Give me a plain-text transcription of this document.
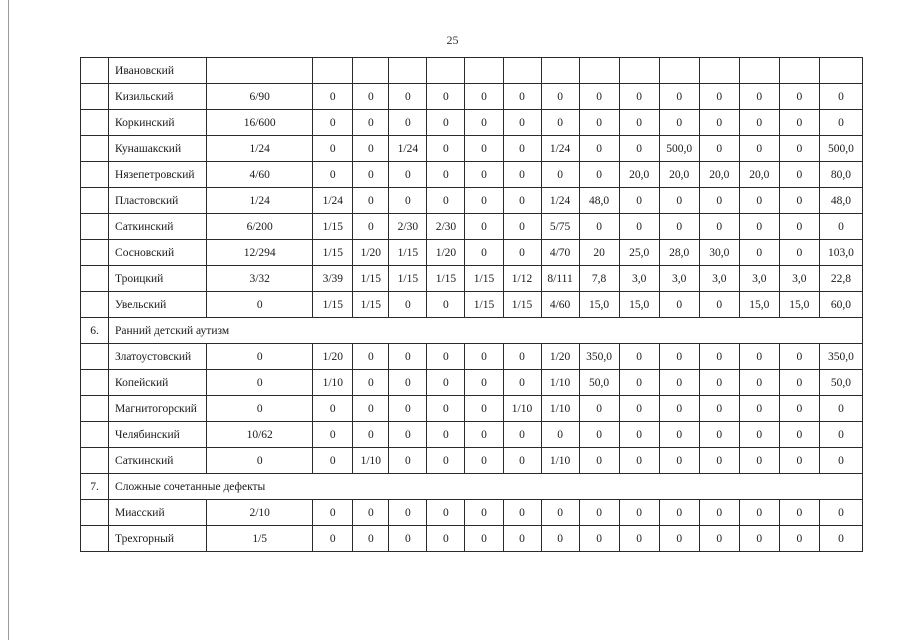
25
	Ивановский															
	Кизильский	6/90	0	0	0	0	0	0	0	0	0	0	0	0	0	0
	Коркинский	16/600	0	0	0	0	0	0	0	0	0	0	0	0	0	0
	Кунашакский	1/24	0	0	1/24	0	0	0	1/24	0	0	500,0	0	0	0	500,0
	Нязепетровский	4/60	0	0	0	0	0	0	0	0	20,0	20,0	20,0	20,0	0	80,0
	Пластовский	1/24	1/24	0	0	0	0	0	1/24	48,0	0	0	0	0	0	48,0
	Саткинский	6/200	1/15	0	2/30	2/30	0	0	5/75	0	0	0	0	0	0	0
	Сосновский	12/294	1/15	1/20	1/15	1/20	0	0	4/70	20	25,0	28,0	30,0	0	0	103,0
	Троицкий	3/32	3/39	1/15	1/15	1/15	1/15	1/12	8/111	7,8	3,0	3,0	3,0	3,0	3,0	22,8
	Увельский	0	1/15	1/15	0	0	1/15	1/15	4/60	15,0	15,0	0	0	15,0	15,0	60,0
6.	Ранний детский аутизм															
	Златоустовский	0	1/20	0	0	0	0	0	1/20	350,0	0	0	0	0	0	350,0
	Копейский	0	1/10	0	0	0	0	0	1/10	50,0	0	0	0	0	0	50,0
	Магнитогорский	0	0	0	0	0	0	1/10	1/10	0	0	0	0	0	0	0
	Челябинский	10/62	0	0	0	0	0	0	0	0	0	0	0	0	0	0
	Саткинский	0	0	1/10	0	0	0	0	1/10	0	0	0	0	0	0	0
7.	Сложные сочетанные дефекты															
	Миасский	2/10	0	0	0	0	0	0	0	0	0	0	0	0	0	0
	Трехгорный	1/5	0	0	0	0	0	0	0	0	0	0	0	0	0	0
